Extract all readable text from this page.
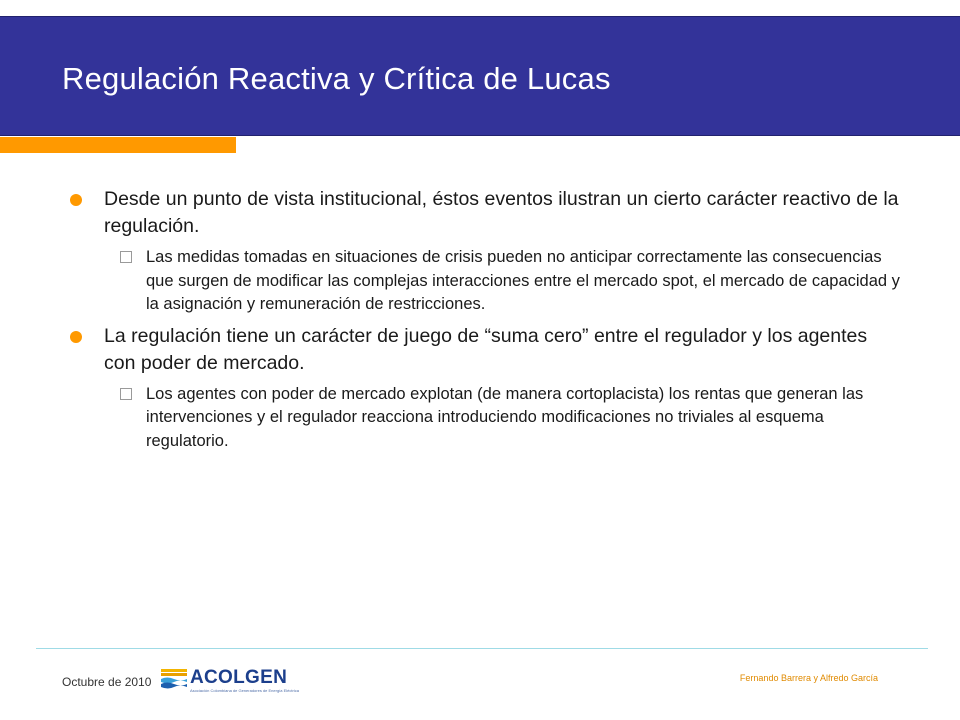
Regulación Reactiva y Crítica de Lucas
Desde un punto de vista institucional, éstos eventos ilustran un cierto carácter reactivo de la regulación.
Las medidas tomadas en situaciones de crisis pueden no anticipar correctamente las consecuencias que surgen de modificar las complejas interacciones entre el mercado spot, el mercado de capacidad y la asignación y remuneración de restricciones.
La regulación tiene un carácter de juego de “suma cero” entre el regulador y los agentes con poder de mercado.
Los agentes con poder de mercado explotan (de manera cortoplacista) los rentas que generan las intervenciones y el regulador reacciona introduciendo modificaciones no triviales al esquema regulatorio.
Octubre de 2010 ACOLGEN
Asociación Colombiana de Generadores de Energía Eléctrica
Fernando Barrera y Alfredo García
